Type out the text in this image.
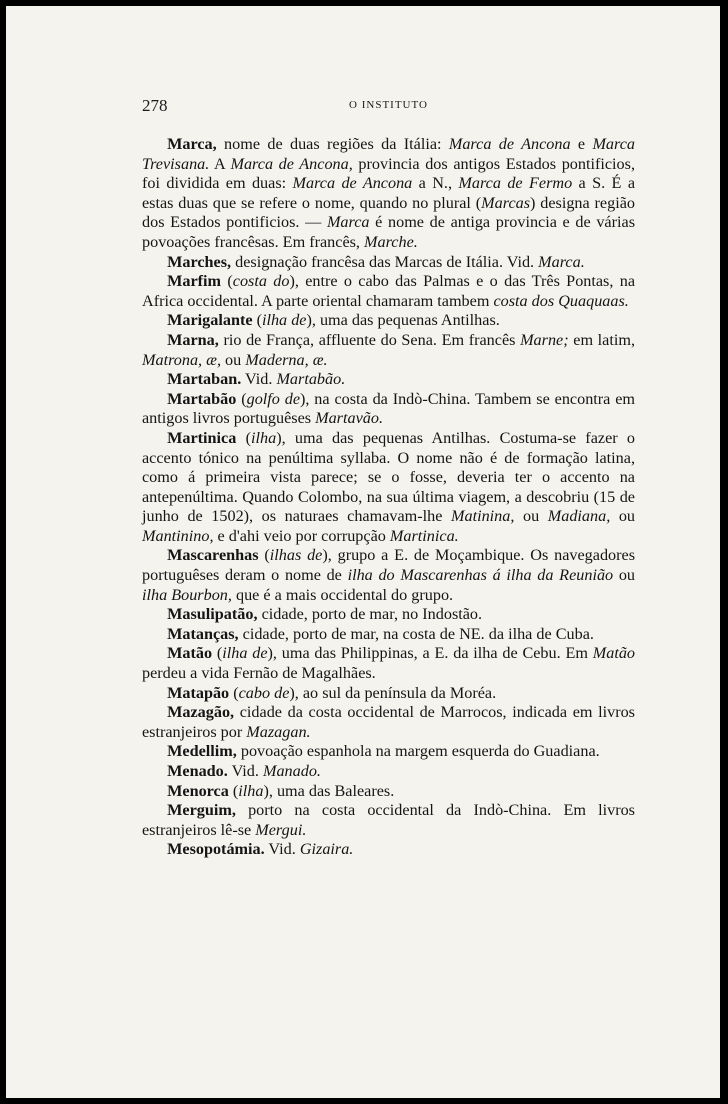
278	O INSTITUTO

Marca, nome de duas regiões da Itália: Marca de Ancona e Marca Trevisana. A Marca de Ancona, provincia dos antigos Estados pontificios, foi dividida em duas: Marca de Ancona a N., Marca de Fermo a S. É a estas duas que se refere o nome, quando no plural (Marcas) designa região dos Estados pontificios. — Marca é nome de antiga provincia e de várias povoações francêsas. Em francês, Marche.

Marches, designação francêsa das Marcas de Itália. Vid. Marca.

Marfim (costa do), entre o cabo das Palmas e o das Três Pontas, na Africa occidental. A parte oriental chamaram tambem costa dos Quaquaas.

Marigalante (ilha de), uma das pequenas Antilhas.

Marna, rio de França, affluente do Sena. Em francês Marne; em latim, Matrona, æ, ou Maderna, æ.

Martaban. Vid. Martabão.

Martabão (golfo de), na costa da Indò-China. Tambem se encontra em antigos livros portuguêses Martavão.

Martinica (ilha), uma das pequenas Antilhas. Costuma-se fazer o accento tónico na penúltima syllaba. O nome não é de formação latina, como á primeira vista parece; se o fosse, deveria ter o accento na antepenúltima. Quando Colombo, na sua última viagem, a descobriu (15 de junho de 1502), os naturaes chamavam-lhe Matinina, ou Madiana, ou Mantinino, e d'ahi veio por corrupção Martinica.

Mascarenhas (ilhas de), grupo a E. de Moçambique. Os navegadores portuguêses deram o nome de ilha do Mascarenhas á ilha da Reunião ou ilha Bourbon, que é a mais occidental do grupo.

Masulipatão, cidade, porto de mar, no Indostão.

Matanças, cidade, porto de mar, na costa de NE. da ilha de Cuba.

Matão (ilha de), uma das Philippinas, a E. da ilha de Cebu. Em Matão perdeu a vida Fernão de Magalhães.

Matapão (cabo de), ao sul da península da Moréa.

Mazagão, cidade da costa occidental de Marrocos, indicada em livros estranjeiros por Mazagan.

Medellim, povoação espanhola na margem esquerda do Guadiana.

Menado. Vid. Manado.

Menorca (ilha), uma das Baleares.

Merguim, porto na costa occidental da Indò-China. Em livros estranjeiros lê-se Mergui.

Mesopotámia. Vid. Gizaira.
